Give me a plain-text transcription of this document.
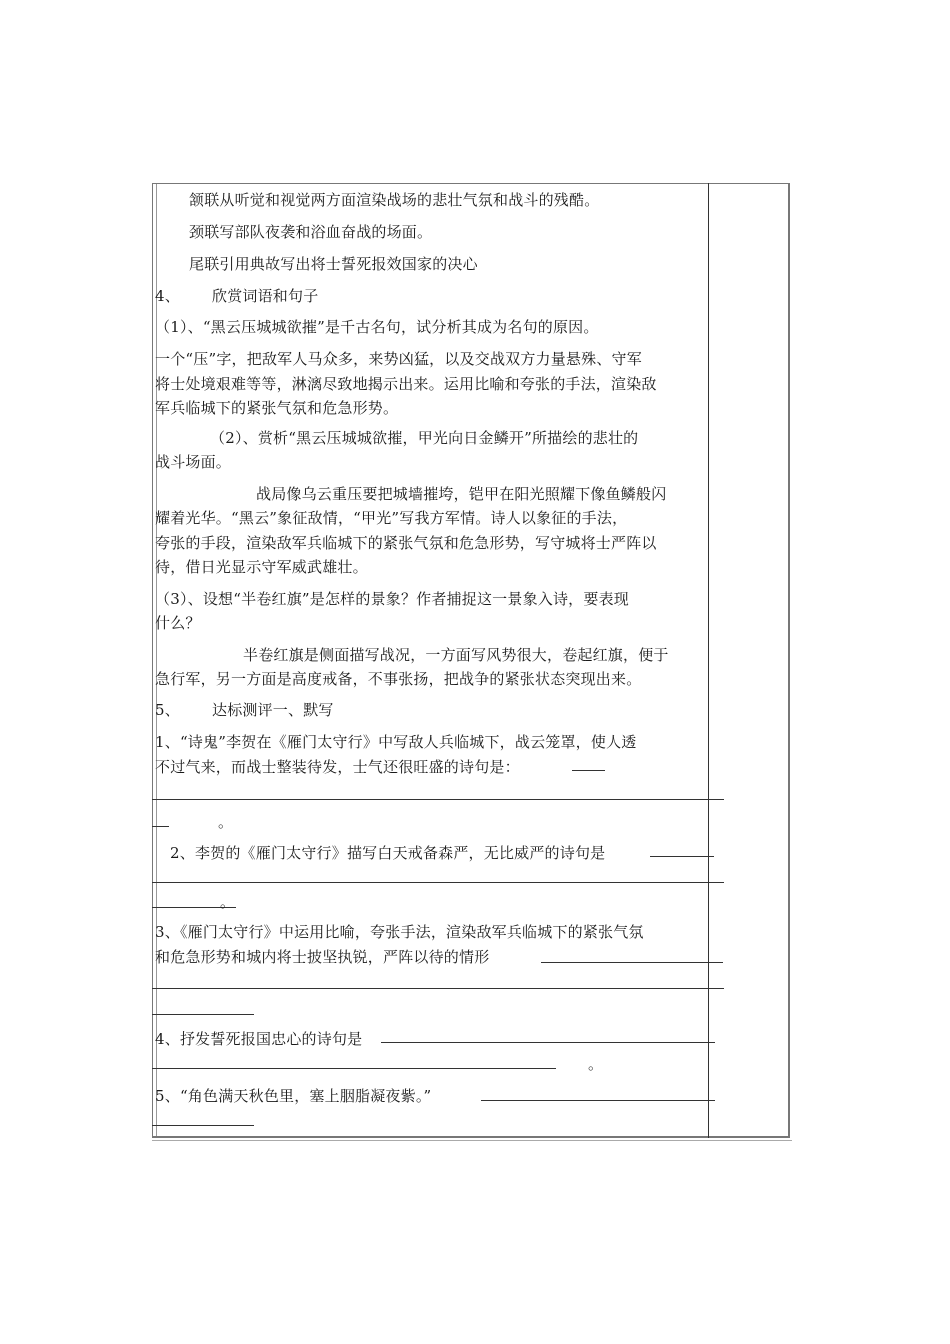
颔联从听觉和视觉两方面渲染战场的悲壮气氛和战斗的残酷。
颈联写部队夜袭和浴血奋战的场面。
尾联引用典故写出将士誓死报效国家的决心
4、 欣赏词语和句子
（1）、“黑云压城城欲摧”是千古名句，试分析其成为名句的原因。
一个“压”字，把敌军人马众多，来势凶猛，以及交战双方力量悬殊、守军
将士处境艰难等等，淋漓尽致地揭示出来。运用比喻和夸张的手法，渲染敌
军兵临城下的紧张气氛和危急形势。
（2）、赏析“黑云压城城欲摧，甲光向日金鳞开”所描绘的悲壮的
战斗场面。
战局像乌云重压要把城墙摧垮，铠甲在阳光照耀下像鱼鳞般闪
耀着光华。“黑云”象征敌情，“甲光”写我方军情。诗人以象征的手法，
夸张的手段，渲染敌军兵临城下的紧张气氛和危急形势，写守城将士严阵以
待，借日光显示守军威武雄壮。
（3）、设想“半卷红旗”是怎样的景象？作者捕捉这一景象入诗，要表现
什么？
半卷红旗是侧面描写战况，一方面写风势很大，卷起红旗，便于
急行军，另一方面是高度戒备，不事张扬，把战争的紧张状态突现出来。
5、 达标测评一、默写
1、“诗鬼”李贺在《雁门太守行》中写敌人兵临城下，战云笼罩，使人透
不过气来，而战士整装待发，士气还很旺盛的诗句是：
。
2、李贺的《雁门太守行》描写白天戒备森严，无比威严的诗句是
。
3、《雁门太守行》中运用比喻，夸张手法，渲染敌军兵临城下的紧张气氛
和危急形势和城内将士披坚执锐，严阵以待的情形
4、抒发誓死报国忠心的诗句是
。
5、“角色满天秋色里，塞上胭脂凝夜紫。”
